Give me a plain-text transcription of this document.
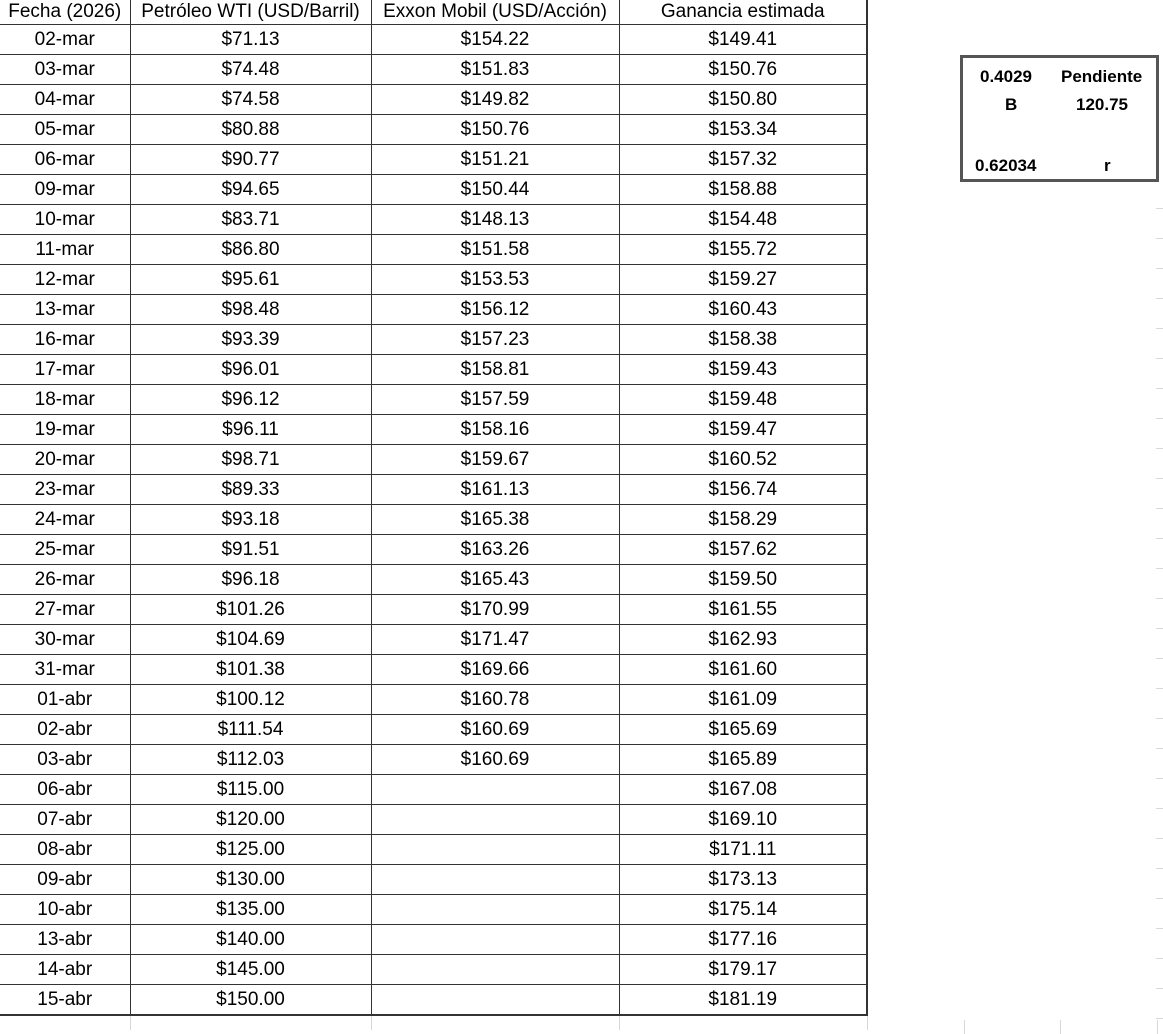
Fecha (2026)	Petróleo WTI (USD/Barril)	Exxon Mobil (USD/Acción)	Ganancia estimada
02-mar	$71.13	$154.22	$149.41
03-mar	$74.48	$151.83	$150.76
04-mar	$74.58	$149.82	$150.80
05-mar	$80.88	$150.76	$153.34
06-mar	$90.77	$151.21	$157.32
09-mar	$94.65	$150.44	$158.88
10-mar	$83.71	$148.13	$154.48
11-mar	$86.80	$151.58	$155.72
12-mar	$95.61	$153.53	$159.27
13-mar	$98.48	$156.12	$160.43
16-mar	$93.39	$157.23	$158.38
17-mar	$96.01	$158.81	$159.43
18-mar	$96.12	$157.59	$159.48
19-mar	$96.11	$158.16	$159.47
20-mar	$98.71	$159.67	$160.52
23-mar	$89.33	$161.13	$156.74
24-mar	$93.18	$165.38	$158.29
25-mar	$91.51	$163.26	$157.62
26-mar	$96.18	$165.43	$159.50
27-mar	$101.26	$170.99	$161.55
30-mar	$104.69	$171.47	$162.93
31-mar	$101.38	$169.66	$161.60
01-abr	$100.12	$160.78	$161.09
02-abr	$111.54	$160.69	$165.69
03-abr	$112.03	$160.69	$165.89
06-abr	$115.00		$167.08
07-abr	$120.00		$169.10
08-abr	$125.00		$171.11
09-abr	$130.00		$173.13
10-abr	$135.00		$175.14
13-abr	$140.00		$177.16
14-abr	$145.00		$179.17
15-abr	$150.00		$181.19

0.4029 Pendiente
B	120.75
0.62034	r
